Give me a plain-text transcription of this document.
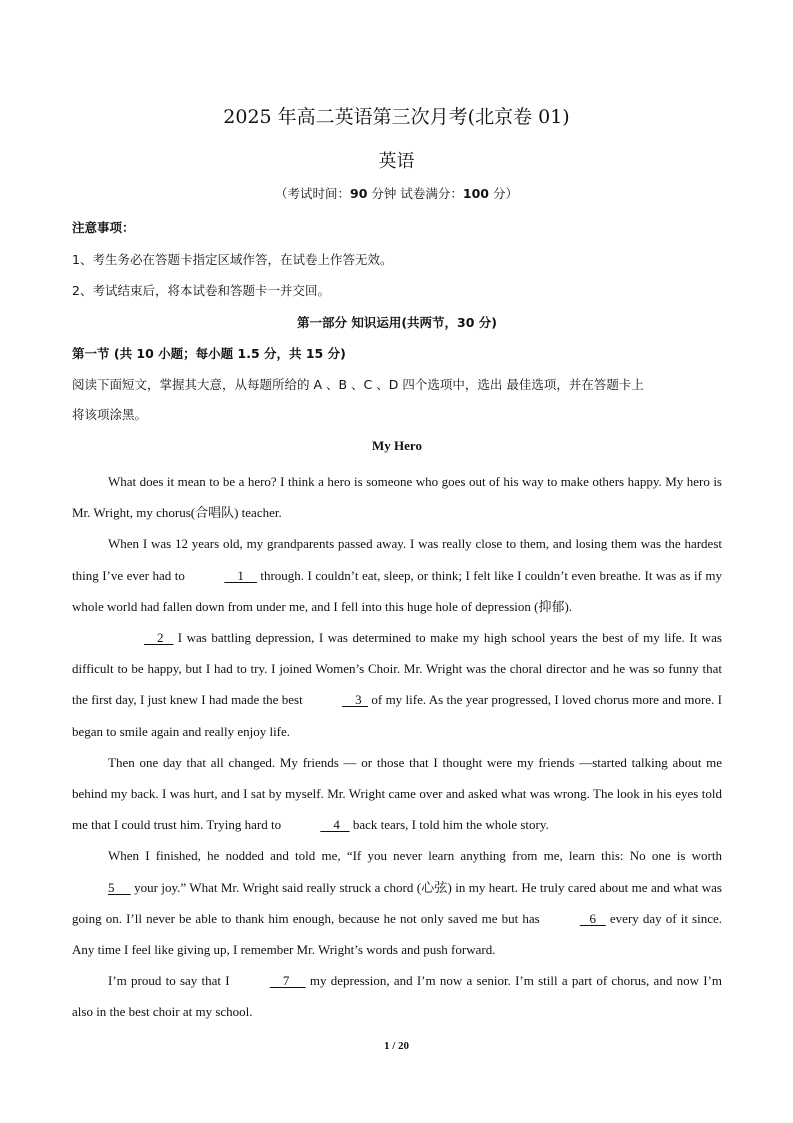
2025 年高二英语第三次月考(北京卷 01)
英语
（考试时间：90 分钟 试卷满分：100 分）
注意事项：
1、考生务必在答题卡指定区域作答，在试卷上作答无效。
2、考试结束后，将本试卷和答题卡一并交回。
第一部分 知识运用(共两节，30 分)
第一节 (共 10 小题；每小题 1.5 分，共 15 分)
阅读下面短文，掌握其大意，从每题所给的 A 、B 、C 、D 四个选项中，选出 最佳选项，并在答题卡上
将该项涂黑。
My Hero

What does it mean to be a hero? I think a hero is someone who goes out of his way to make others happy. My hero is Mr. Wright, my chorus(合唱队) teacher.

When I was 12 years old, my grandparents passed away. I was really close to them, and losing them was the hardest thing I’ve ever had to	1     through. I couldn’t eat, sleep, or think; I felt like I couldn’t even breathe. It was as if my whole world had fallen down from under me, and I fell into this huge hole of depression (抑郁).

2    I was battling depression, I was determined to make my high school years the best of my life. It was difficult to be happy, but I had to try. I joined Women’s Choir. Mr. Wright was the choral director and he was so funny that the first day, I just knew I had made the best	3   of my life. As the year progressed, I loved chorus more and more. I began to smile again and really enjoy life.

Then one day that all changed. My friends — or those that I thought were my friends —started talking about me behind my back. I was hurt, and I sat by myself. Mr. Wright came over and asked what was wrong. The look in his eyes told me that I could trust him. Trying hard to	4    back tears, I told him the whole story.

When I finished, he nodded and told me, “If you never learn anything from me, learn this: No one is worth 5      your joy.” What Mr. Wright said really struck a chord (心弦) in my heart. He truly cared about me and what was going on. I’ll never be able to thank him enough, because he not only saved me but has	6    every day of it since. Any time I feel like giving up, I remember Mr. Wright’s words and push forward.

I’m proud to say that I	7      my depression, and I’m now a senior. I’m still a part of chorus, and now I’m also in the best choir at my school.

1 / 20
